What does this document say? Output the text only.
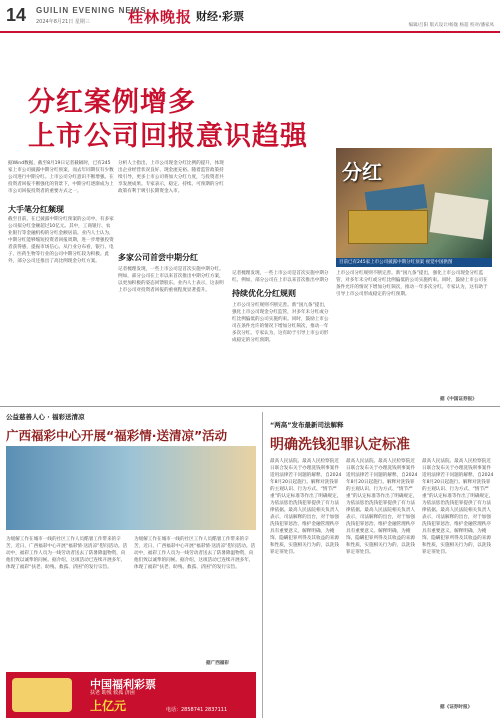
14 GUILIN EVENING NEWS
2024年8月21日 星期三	桂林晚报 财经·彩票
编辑/吕阳 版式设计/杨逸 杨超 校对/潘家凤
分红案例增多
上市公司回报意识趋强
据Wind数据，截至8月19日记者截稿时，已有245家上市公司披露中期分红预案，而去年同期仅有少数公司进行中期分红。上市公司分红意识不断增强。在投资者回报不断强化的背景下，中期分红逐渐成为上市公司回报投资者的重要方式之一。
大手笔分红频现
截至目前，在已披露中期分红预案的公司中，有多家公司拟分红金额超过10亿元。其中，工商银行、农业银行等金融机构的分红金额居前。业内人士认为，中期分红能够缩短投资者回报周期，进一步增强投资者获得感，提振市场信心。从行业分布看，银行、电子、医药生物等行业的公司中期分红较为积极。此外，部分公司还推出了高比例现金分红方案。
分析人士指出，上市公司现金分红比例的提升，体现出企业经营状况良好、现金流充裕。随着监管政策持续引导，更多上市公司将加大分红力度，与投资者共享发展成果。专家表示，稳定、持续、可预期的分红政策有利于吸引长期资金入市。
多家公司首尝中期分红
记者梳理发现，一些上市公司是首次实施中期分红。例如，部分公司在上市以来首次推出中期分红方案，以更加积极的姿态回馈股东。业内人士表示，这表明上市公司对投资者回报的重视程度显著提升。	持续优化分红规则
记者梳理发现，一些上市公司是首次实施中期分红。例如，部分公司在上市以来首次推出中期分
上市公司分红规则不断完善。新“国九条”提出，强化上市公司现金分红监管，对多年未分红或分红比例偏低的公司实施约束。同时，鼓励上市公司在条件允许的情况下增加分红频次，推动一年多次分红。专家认为，这有助于引导上市公司形成稳定的分红预期。
上市公司分红规则不断完善。新“国九条”提出，强化上市公司现金分红监管，对多年未分红或分红比例偏低的公司实施约束。同时，鼓励上市公司在条件允许的情况下增加分红频次，推动一年多次分红。专家认为，这有助于引导上市公司形成稳定的分红预期。
据《中国证券报》
分红
目前已有245家上市公司披露中期分红预案 视觉中国供图
公益慈善人心 · 福彩送清凉
广西福彩中心开展“福彩情·送清凉”活动
为缓解工作在城市一线的社区工作人员酷暑工作带来的辛苦，近日，广西福彩中心开展“福彩情·送清凉”慰问活动。活动中，福彩工作人员为一线劳动者送去了防暑降温物资，向他们致以诚挚的问候。据介绍，这项活动已连续开展多年，体现了福彩“扶老、助残、救孤、济困”的发行宗旨。
为缓解工作在城市一线的社区工作人员酷暑工作带来的辛苦，近日，广西福彩中心开展“福彩情·送清凉”慰问活动。活动中，福彩工作人员为一线劳动者送去了防暑降温物资，向他们致以诚挚的问候。据介绍，这项活动已连续开展多年，体现了福彩“扶老、助残、救孤、济困”的发行宗旨。
据广西福彩
中国福利彩票
扶老 助残 救孤 济困
上亿元	电话：2858741 2837111
“两高”发布最新司法解释
明确洗钱犯罪认定标准
最高人民法院、最高人民检察院近日联合发布关于办理洗钱刑事案件适用法律若干问题的解释，自2024年8月20日起施行。解释对洗钱罪的主观认识、行为方式、“情节严重”的认定标准等作出了明确规定，为依法惩治洗钱犯罪提供了有力法律依据。最高人民法院相关负责人表示，司法解释的出台，对于加强洗钱犯罪惩治、维护金融管理秩序具有重要意义。解释明确，为掩饰、隐瞒犯罪所得及其收益的来源和性质，实施相关行为的，以洗钱罪定罪处罚。
最高人民法院、最高人民检察院近日联合发布关于办理洗钱刑事案件适用法律若干问题的解释，自2024年8月20日起施行。解释对洗钱罪的主观认识、行为方式、“情节严重”的认定标准等作出了明确规定，为依法惩治洗钱犯罪提供了有力法律依据。最高人民法院相关负责人表示，司法解释的出台，对于加强洗钱犯罪惩治、维护金融管理秩序具有重要意义。解释明确，为掩饰、隐瞒犯罪所得及其收益的来源和性质，实施相关行为的，以洗钱罪定罪处罚。
最高人民法院、最高人民检察院近日联合发布关于办理洗钱刑事案件适用法律若干问题的解释，自2024年8月20日起施行。解释对洗钱罪的主观认识、行为方式、“情节严重”的认定标准等作出了明确规定，为依法惩治洗钱犯罪提供了有力法律依据。最高人民法院相关负责人表示，司法解释的出台，对于加强洗钱犯罪惩治、维护金融管理秩序具有重要意义。解释明确，为掩饰、隐瞒犯罪所得及其收益的来源和性质，实施相关行为的，以洗钱罪定罪处罚。
据《证券时报》
